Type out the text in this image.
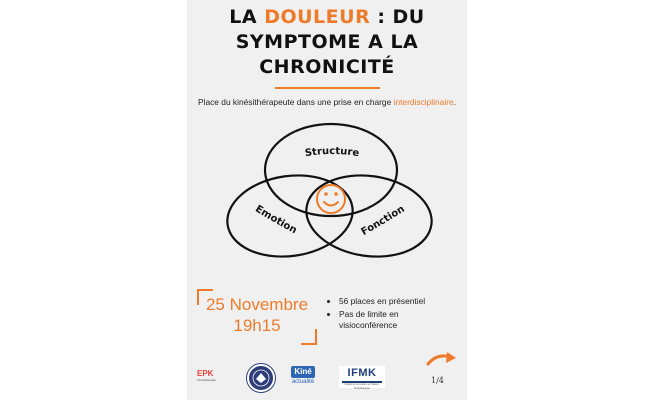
LA DOULEUR : DU
SYMPTOME A LA
CHRONICITÉ
Place du kinésithérapeute dans une prise en charge interdisciplinaire.
Structure
Emotion	Fonction
25 Novembre
19h15
• 56 places en présentiel
• Pas de limite en visioconférence
1/4
EPK
Kinésithérapie
Kiné
actualité
IFMK
Institut de Formation en Masso-Kinésithérapie
